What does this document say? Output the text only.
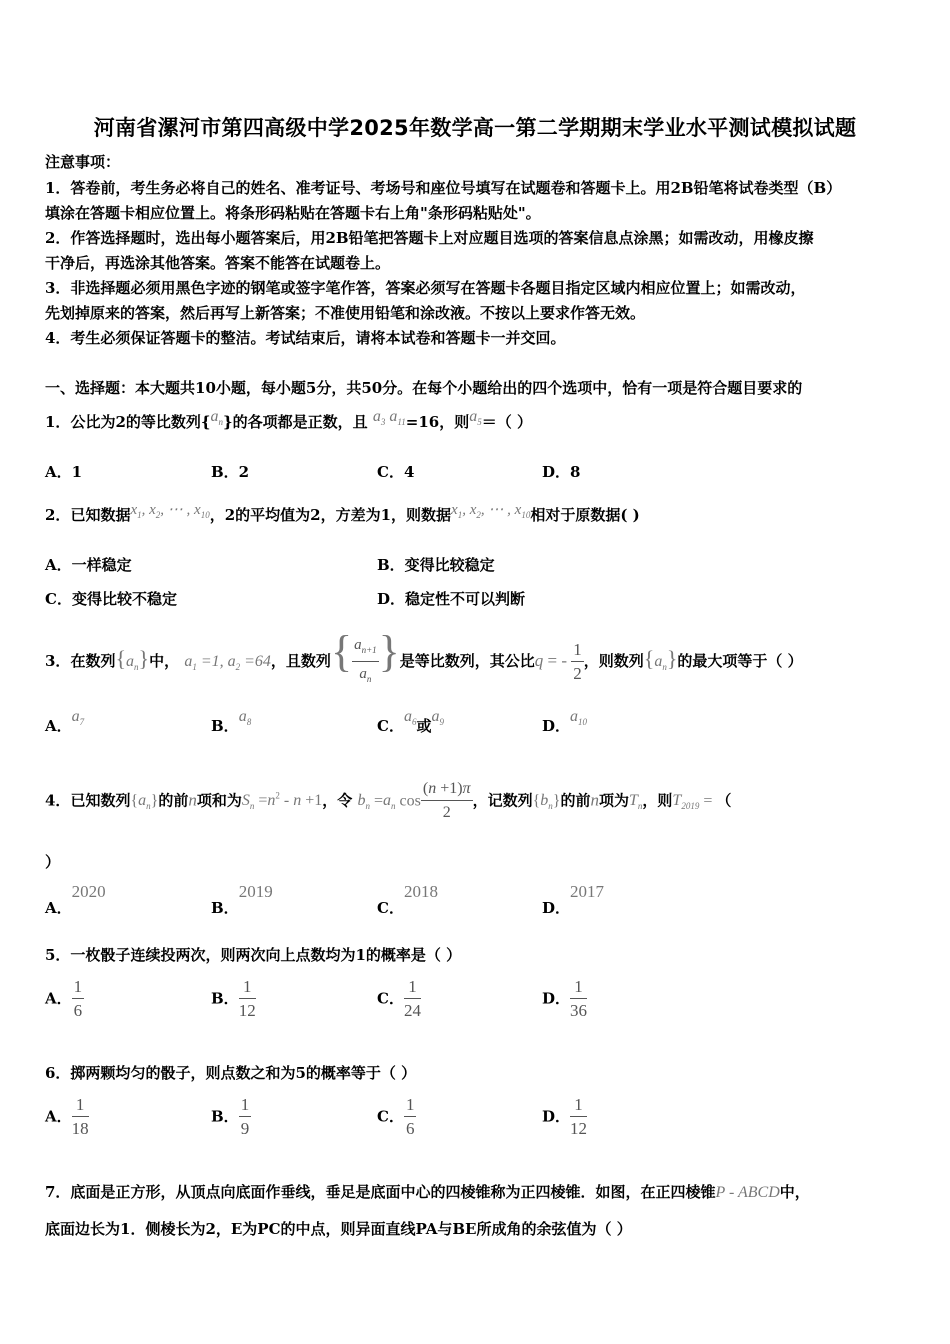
河南省漯河市第四高级中学2025年数学高一第二学期期末学业水平测试模拟试题
注意事项：
1．答卷前，考生务必将自己的姓名、准考证号、考场号和座位号填写在试题卷和答题卡上。用2B铅笔将试卷类型（B）
填涂在答题卡相应位置上。将条形码粘贴在答题卡右上角"条形码粘贴处"。
2．作答选择题时，选出每小题答案后，用2B铅笔把答题卡上对应题目选项的答案信息点涂黑；如需改动，用橡皮擦
干净后，再选涂其他答案。答案不能答在试题卷上。
3．非选择题必须用黑色字迹的钢笔或签字笔作答，答案必须写在答题卡各题目指定区域内相应位置上；如需改动，
先划掉原来的答案，然后再写上新答案；不准使用铅笔和涂改液。不按以上要求作答无效。
4．考生必须保证答题卡的整洁。考试结束后，请将本试卷和答题卡一并交回。
一、选择题：本大题共10小题，每小题5分，共50分。在每个小题给出的四个选项中，恰有一项是符合题目要求的
1．公比为2的等比数列$\{a_n\}$的各项都是正数，且 $a_3$ $a_{11}=16$，则$a_5=$（ ）
A．1	B．2	C．4	D．8
2．已知数据$x_1$, $x_2$, ⋯ , $x_{10}$，2的平均值为2，方差为1，则数据$x_1$, $x_2$, ⋯ , $x_{10}$相对于原数据( )
A．一样稳定	B．变得比较稳定
C．变得比较不稳定	D．稳定性不可以判断
3．在数列$\{a_n\}$中， $a_1 =1$, $a_2 =64$，且数列{ $\frac{a_{n+1}}{a_n}$ }是等比数列，其公比q = - $\frac{1}{2}$ ，则数列$\{a_n\}$的最大项等于（ ）
A．$a_7$	B．$a_8$	C．$a_6$或$a_9$	D．$a_{10}$
4．已知数列$\{a_n\}$的前n项和为$S_n =n^2 - n +1$，令 $b_n =a_n$ $\cos \frac{(n +1)\pi}{2}$ ，记数列$\{b_n\}$的前n项为$T_n$，则$T_{2019}$ = （
）
A．2020
B．2019
C．2018
D．2017
5．一枚骰子连续投两次，则两次向上点数均为1的概率是（ ）
A． $\frac{1}{6}$	B． $\frac{1}{12}$	C． $\frac{1}{24}$	D． $\frac{1}{36}$
6．掷两颗均匀的骰子，则点数之和为5的概率等于（ ）
A． $\frac{1}{18}$	B． $\frac{1}{9}$	C． $\frac{1}{6}$	D． $\frac{1}{12}$
7．底面是正方形，从顶点向底面作垂线，垂足是底面中心的四棱锥称为正四棱锥．如图，在正四棱锥P - ABCD中，
底面边长为1．侧棱长为2，E为PC的中点，则异面直线PA与BE所成角的余弦值为（ ）
